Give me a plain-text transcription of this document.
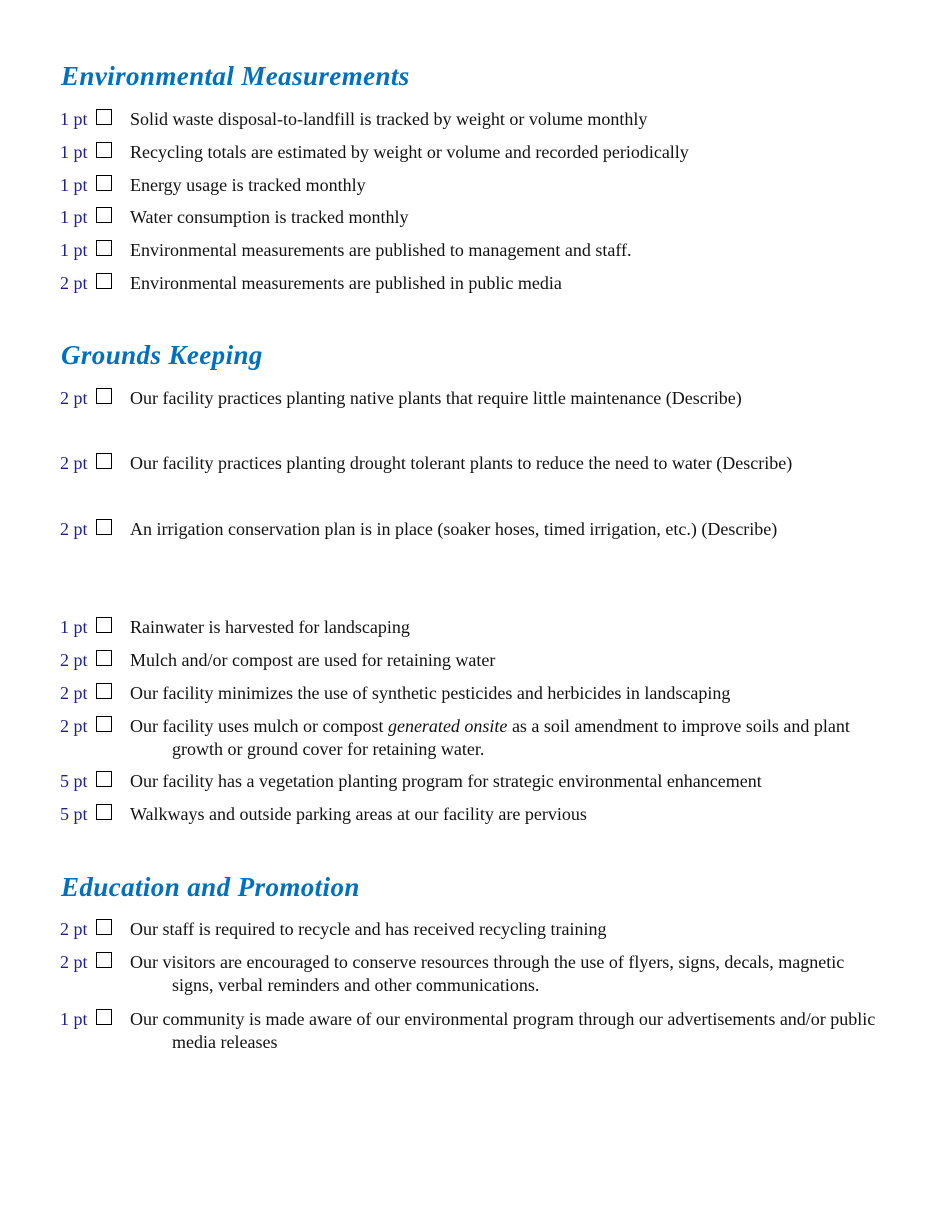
Environmental Measurements
1 pt Solid waste disposal-to-landfill is tracked by weight or volume monthly
1 pt Recycling totals are estimated by weight or volume and recorded periodically
1 pt Energy usage is tracked monthly
1 pt Water consumption is tracked monthly
1 pt Environmental measurements are published to management and staff.
2 pt Environmental measurements are published in public media
Grounds Keeping
2 pt Our facility practices planting native plants that require little maintenance (Describe)
2 pt Our facility practices planting drought tolerant plants to reduce the need to water (Describe)
2 pt An irrigation conservation plan is in place (soaker hoses, timed irrigation, etc.) (Describe)
1 pt Rainwater is harvested for landscaping
2 pt Mulch and/or compost are used for retaining water
2 pt Our facility minimizes the use of synthetic pesticides and herbicides in landscaping
2 pt Our facility uses mulch or compost generated onsite as a soil amendment to improve soils and plant growth or ground cover for retaining water.
5 pt Our facility has a vegetation planting program for strategic environmental enhancement
5 pt Walkways and outside parking areas at our facility are pervious
Education and Promotion
2 pt Our staff is required to recycle and has received recycling training
2 pt Our visitors are encouraged to conserve resources through the use of flyers, signs, decals, magnetic signs, verbal reminders and other communications.
1 pt Our community is made aware of our environmental program through our advertisements and/or public media releases
